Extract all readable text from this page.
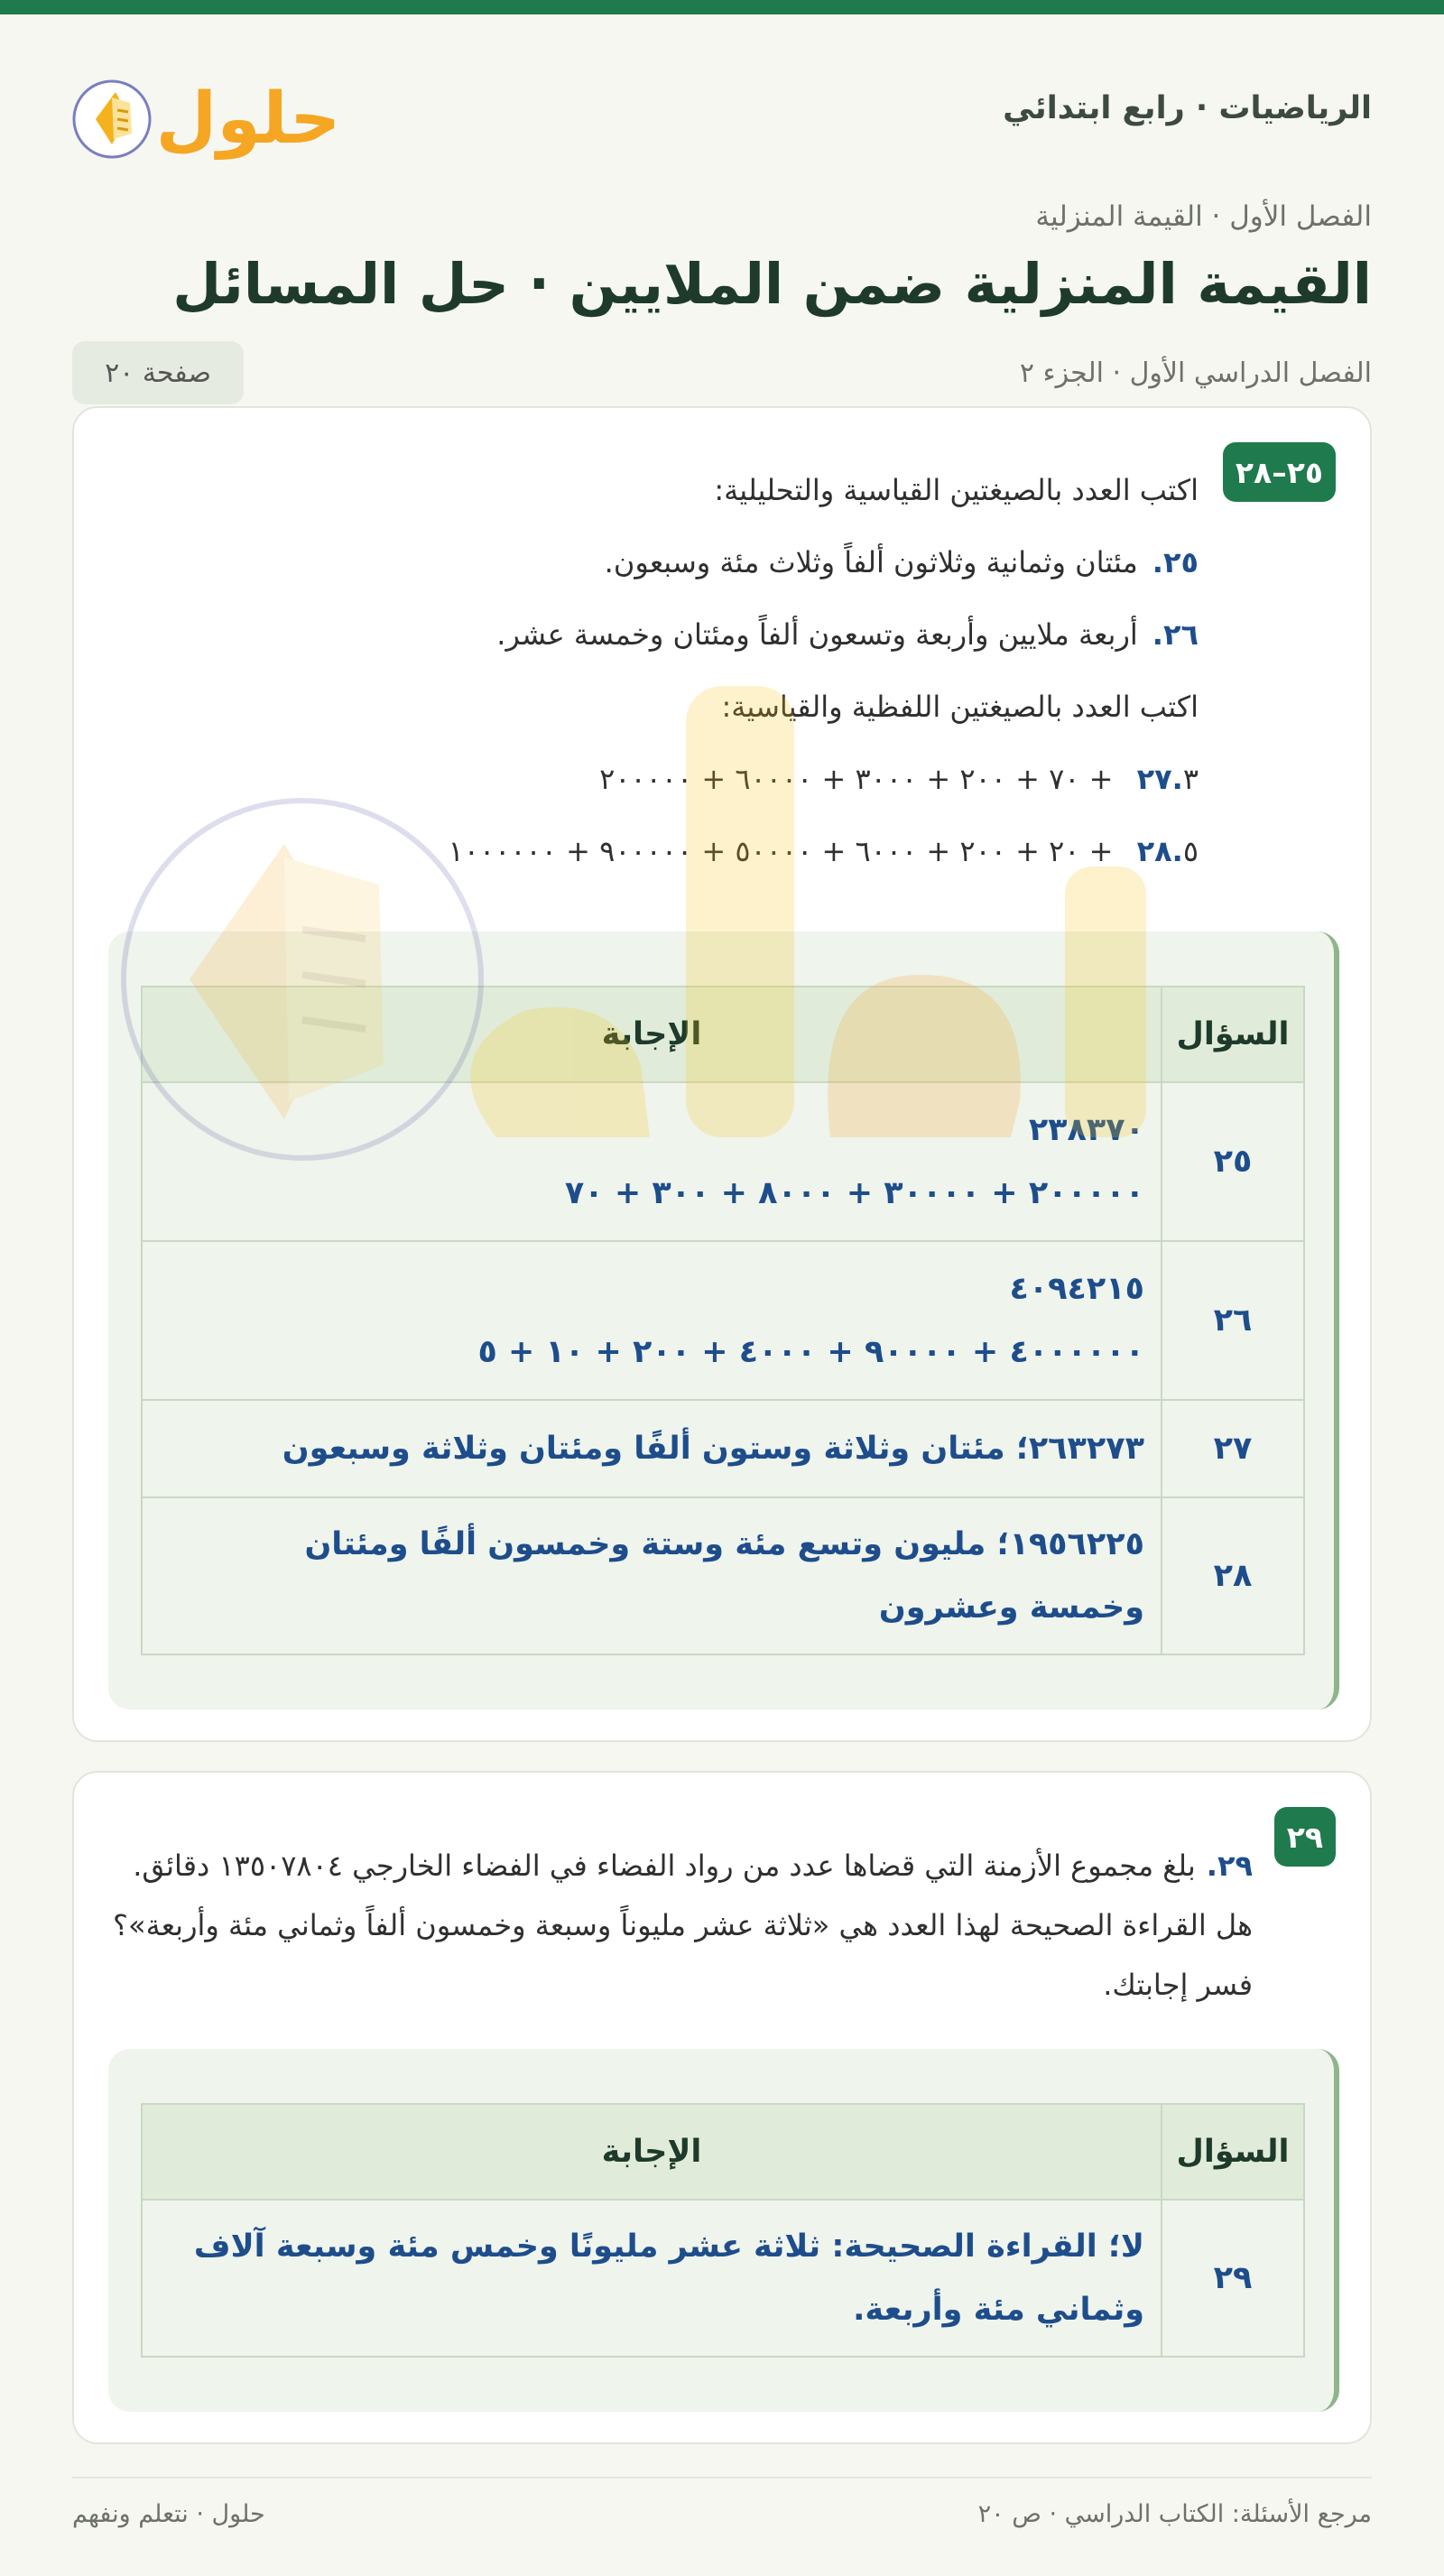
الرياضيات · رابع ابتدائي
حلول
الفصل الأول · القيمة المنزلية
القيمة المنزلية ضمن الملايين · حل المسائل
الفصل الدراسي الأول · الجزء ٢
صفحة ٢٠
٢٥–٢٨
اكتب العدد بالصيغتين القياسية والتحليلية:
٢٥.مئتان وثمانية وثلاثون ألفاً وثلاث مئة وسبعون.
٢٦.أربعة ملايين وأربعة وتسعون ألفاً ومئتان وخمسة عشر.
اكتب العدد بالصيغتين اللفظية والقياسية:
٢٧.٣ + ٧٠ + ٢٠٠ + ٣٠٠٠ + ٦٠٠٠٠ + ٢٠٠٠٠٠
٢٨.٥ + ٢٠ + ٢٠٠ + ٦٠٠٠ + ٥٠٠٠٠ + ٩٠٠٠٠٠ + ١٠٠٠٠٠٠
السؤال	الإجابة
٢٥	٢٣٨٣٧٠
٢٠٠٠٠٠ + ٣٠٠٠٠ + ٨٠٠٠ + ٣٠٠ + ٧٠

٢٦	٤٠٩٤٢١٥
٤٠٠٠٠٠٠ + ٩٠٠٠٠ + ٤٠٠٠ + ٢٠٠ + ١٠ + ٥

٢٧	٢٦٣٢٧٣؛ مئتان وثلاثة وستون ألفًا ومئتان وثلاثة وسبعون

٢٨	١٩٥٦٢٢٥؛ مليون وتسع مئة وستة وخمسون ألفًا ومئتان
وخمسة وعشرون
٢٩
٢٩.بلغ مجموع الأزمنة التي قضاها عدد من رواد الفضاء في الفضاء الخارجي ١٣٥٠٧٨٠٤ دقائق. هل القراءة الصحيحة لهذا العدد هي «ثلاثة عشر مليوناً وسبعة وخمسون ألفاً وثماني مئة وأربعة»؟ فسر إجابتك.
السؤال	الإجابة
٢٩	لا؛ القراءة الصحيحة: ثلاثة عشر مليونًا وخمس مئة وسبعة آلاف
وثماني مئة وأربعة.
مرجع الأسئلة: الكتاب الدراسي · ص ٢٠
حلول · نتعلم ونفهم
